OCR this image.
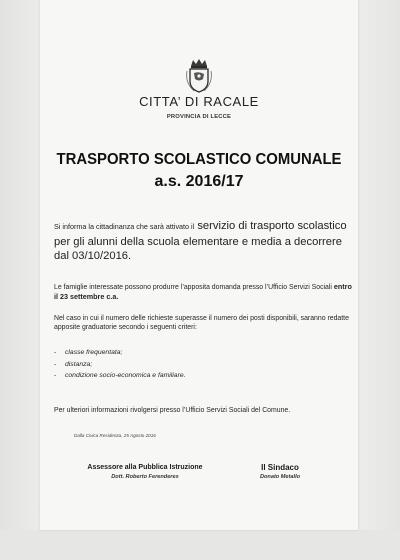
CITTA’ DI RACALE
PROVINCIA DI LECCE
TRASPORTO SCOLASTICO COMUNALE
a.s. 2016/17
Si informa la cittadinanza che sarà attivato il servizio di trasporto scolastico per gli alunni della scuola elementare e media a decorrere dal 03/10/2016.
Le famiglie interessate possono produrre l’apposita domanda presso l’Ufficio Servizi Sociali entro il 23 settembre c.a.
Nel caso in cui il numero delle richieste superasse il numero dei posti disponibili, saranno redatte apposite graduatorie secondo i seguenti criteri:
-	classe frequentata;
-	distanza;
-	condizione socio-economica e familiare.
Per ulteriori informazioni rivolgersi presso l’Ufficio Servizi Sociali del Comune.
Dalla Civica Residenza, 25 Agosto 2016
Assessore alla Pubblica Istruzione
Dott. Roberto Ferenderes
Il Sindaco
Donato Metallo
